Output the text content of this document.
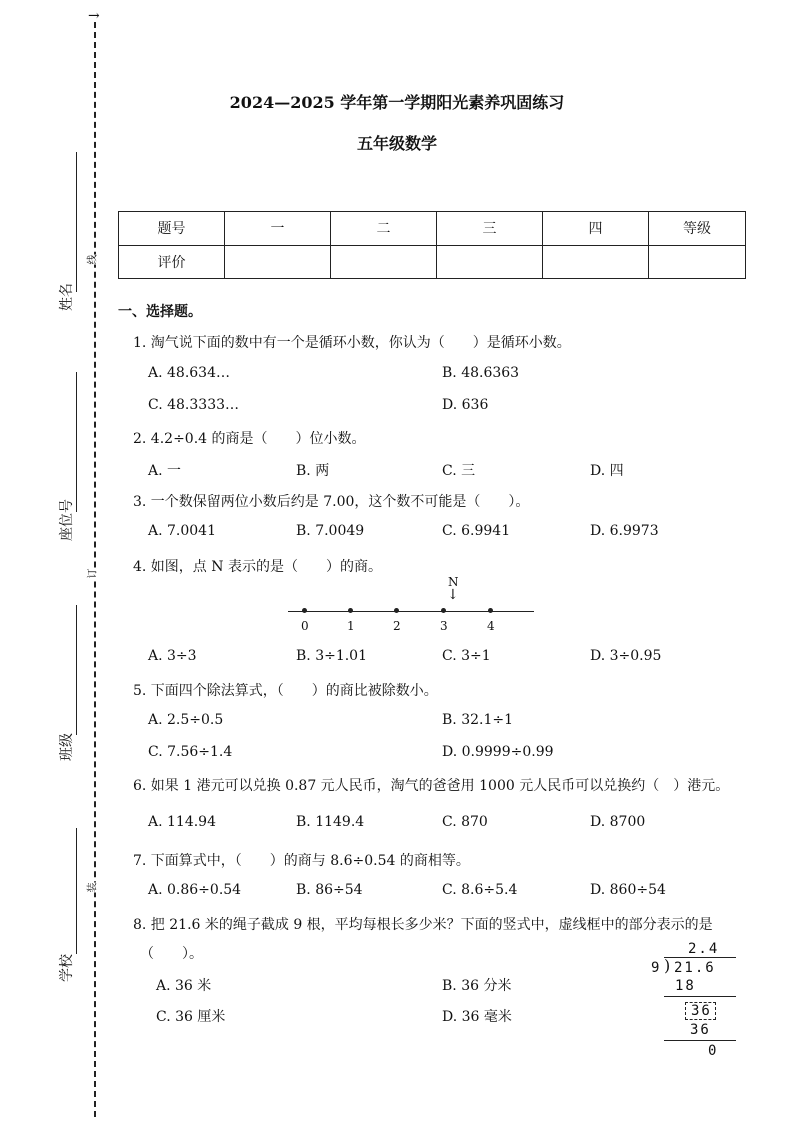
→
姓名
座位号
班级
学校
线
订
装
2024—2025 学年第一学期阳光素养巩固练习
五年级数学
题号	一	二	三	四	等级
评价					
一、选择题。
1. 淘气说下面的数中有一个是循环小数，你认为（　　）是循环小数。
A. 48.634…	B. 48.6363
C. 48.3333…	D. 636
2. 4.2÷0.4 的商是（　　）位小数。
A. 一	B. 两	C. 三	D. 四
3. 一个数保留两位小数后约是 7.00，这个数不可能是（　　）。
A. 7.0041	B. 7.0049	C. 6.9941	D. 6.9973
4. 如图，点 N 表示的是（　　）的商。
N
↓
0	1	2	3	4
A. 3÷3	B. 3÷1.01	C. 3÷1	D. 3÷0.95
5. 下面四个除法算式，（　　）的商比被除数小。
A. 2.5÷0.5	B. 32.1÷1
C. 7.56÷1.4	D. 0.9999÷0.99
6. 如果 1 港元可以兑换 0.87 元人民币，淘气的爸爸用 1000 元人民币可以兑换约（　）港元。
A. 114.94	B. 1149.4	C. 870	D. 8700
7. 下面算式中，（　　）的商与 8.6÷0.54 的商相等。
A. 0.86÷0.54	B. 86÷54	C. 8.6÷5.4	D. 860÷54
8. 把 21.6 米的绳子截成 9 根，平均每根长多少米？下面的竖式中，虚线框中的部分表示的是
（　　）。
A. 36 米	B. 36 分米
C. 36 厘米	D. 36 毫米
2.4
9 ) 21.6
18
36
36
0
